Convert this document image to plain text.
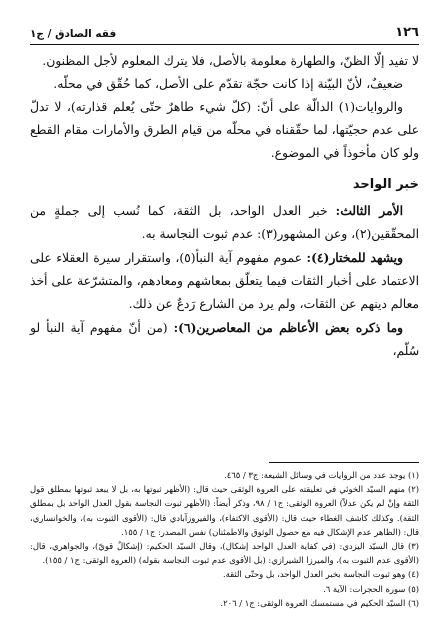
١٢٦
فقه الصادق / ج١

لا تفيد إلّا الظنّ، والطهارة معلومة بالأصل، فلا يترك المعلوم لأجل المظنون.

ضعيفٌ، لأنّ البيّنة إذا كانت حجّة تقدّم على الأصل، كما حُقّق في محلّه.

والروايات(١) الدالّة على أنّ: (كلّ شيء طاهرٌ حتّى يُعلم قذارته)، لا تدلّ على عدم حجيّتها، لما حقّقناه في محلّه من قيام الطرق والأمارات مقام القطع ولو كان مأخوذاً في الموضوع.

خبر الواحد

الأمر الثالث: خبر العدل الواحد، بل الثقة، كما نُسب إلى جملةٍ من المحقّقين(٢)، وعن المشهور(٣): عدم ثبوت النجاسة به.

ويشهد للمختار(٤): عموم مفهوم آية النبأ(٥)، واستقرار سيرة العقلاء على الاعتماد على أخبار الثقات فيما يتعلّق بمعاشهم ومعادهم، والمتشرّعة على أخذ معالم دينهم عن الثقات، ولم يرد من الشارع رَدعٌ عن ذلك.

وما ذكره بعض الأعاظم من المعاصرين(٦): (من أنّ مفهوم آية النبأ لو سُلّم،

(١) يوجد عدد من الروايات في وسائل الشيعة: ج٣ / ٤٦٥.

(٢) منهم السيّد الخوئي في تعليقته على العروة الوثقى حيث قال: (الأظهر ثبوتها به، بل لا يبعد ثبوتها بمطلق قول الثقة وإنْ لم يكن عدلاً) العروة الوثقى: ج١ / ٩٨، وذكر أيضاً: (الأظهر ثبوت النجاسة بقول العدل الواحد بل بمطلق الثقة). وكذلك كاشف الغطاء حيث قال: (الأقوى الاكتفاء)، والفيروزآبادي قال: (الأقوى الثبوت به)، والخوانساري، قال: (الظاهر عدم الإشكال فيه مع حصول الوثوق والاطمئنان) نفس المصدر: ج١ / ١٥٥.

(٣) قال السيّد اليزدي: (في كفاية العدل الواحد إشكال)، وقال السيّد الحكيم: (إشكالٌ قويّ)، والجواهري، قال: (الأقوى عدم الثبوت به)، والميرزا الشيرازي: (بل الأقوى عدم ثبوت النجاسة بقوله) (العروة الوثقى: ج١ / ١٥٥).

(٤) وهو ثبوت النجاسة بخبر العدل الواحد، بل وحتّى الثقة.

(٥) سورة الحجرات: الآية ٦.

(٦) السيّد الحكيم في مستمسك العروة الوثقى: ج١ / ٢٠٦.
